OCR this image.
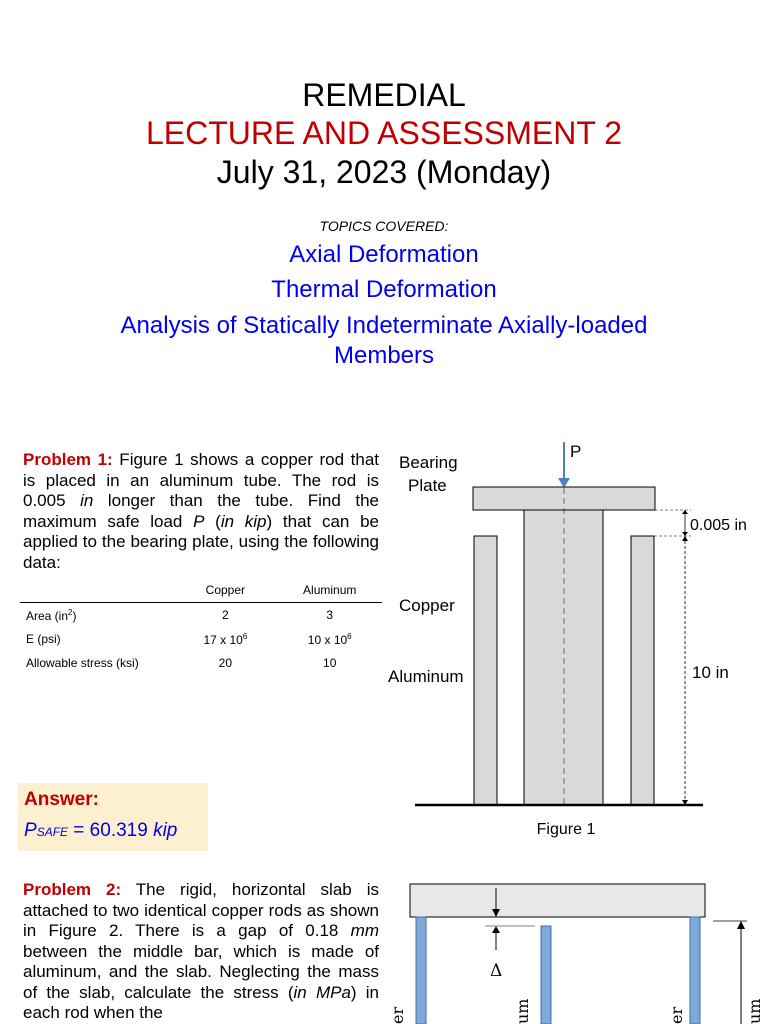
REMEDIAL
LECTURE AND ASSESSMENT 2
July 31, 2023 (Monday)
TOPICS COVERED:
Axial Deformation
Thermal Deformation
Analysis of Statically Indeterminate Axially-loaded Members
Problem 1: Figure 1 shows a copper rod that is placed in an aluminum tube. The rod is 0.005 in longer than the tube. Find the maximum safe load P (in kip) that can be applied to the bearing plate, using the following data:
	Copper	Aluminum
Area $(in^2)$	2	3
E (psi)	17 x $10^6$	10 x $10^6$
Allowable stress (ksi)	20	10
Answer:
PSAFE = 60.319 kip
P
Bearing
Plate
Copper
Aluminum
0.005 in
10 in
Figure 1
Problem 2: The rigid, horizontal slab is attached to two identical copper rods as shown in Figure 2. There is a gap of 0.18 mm between the middle bar, which is made of aluminum, and the slab. Neglecting the mass of the slab, calculate the stress (in MPa) in each rod when the
Δ
er	um	er	um
